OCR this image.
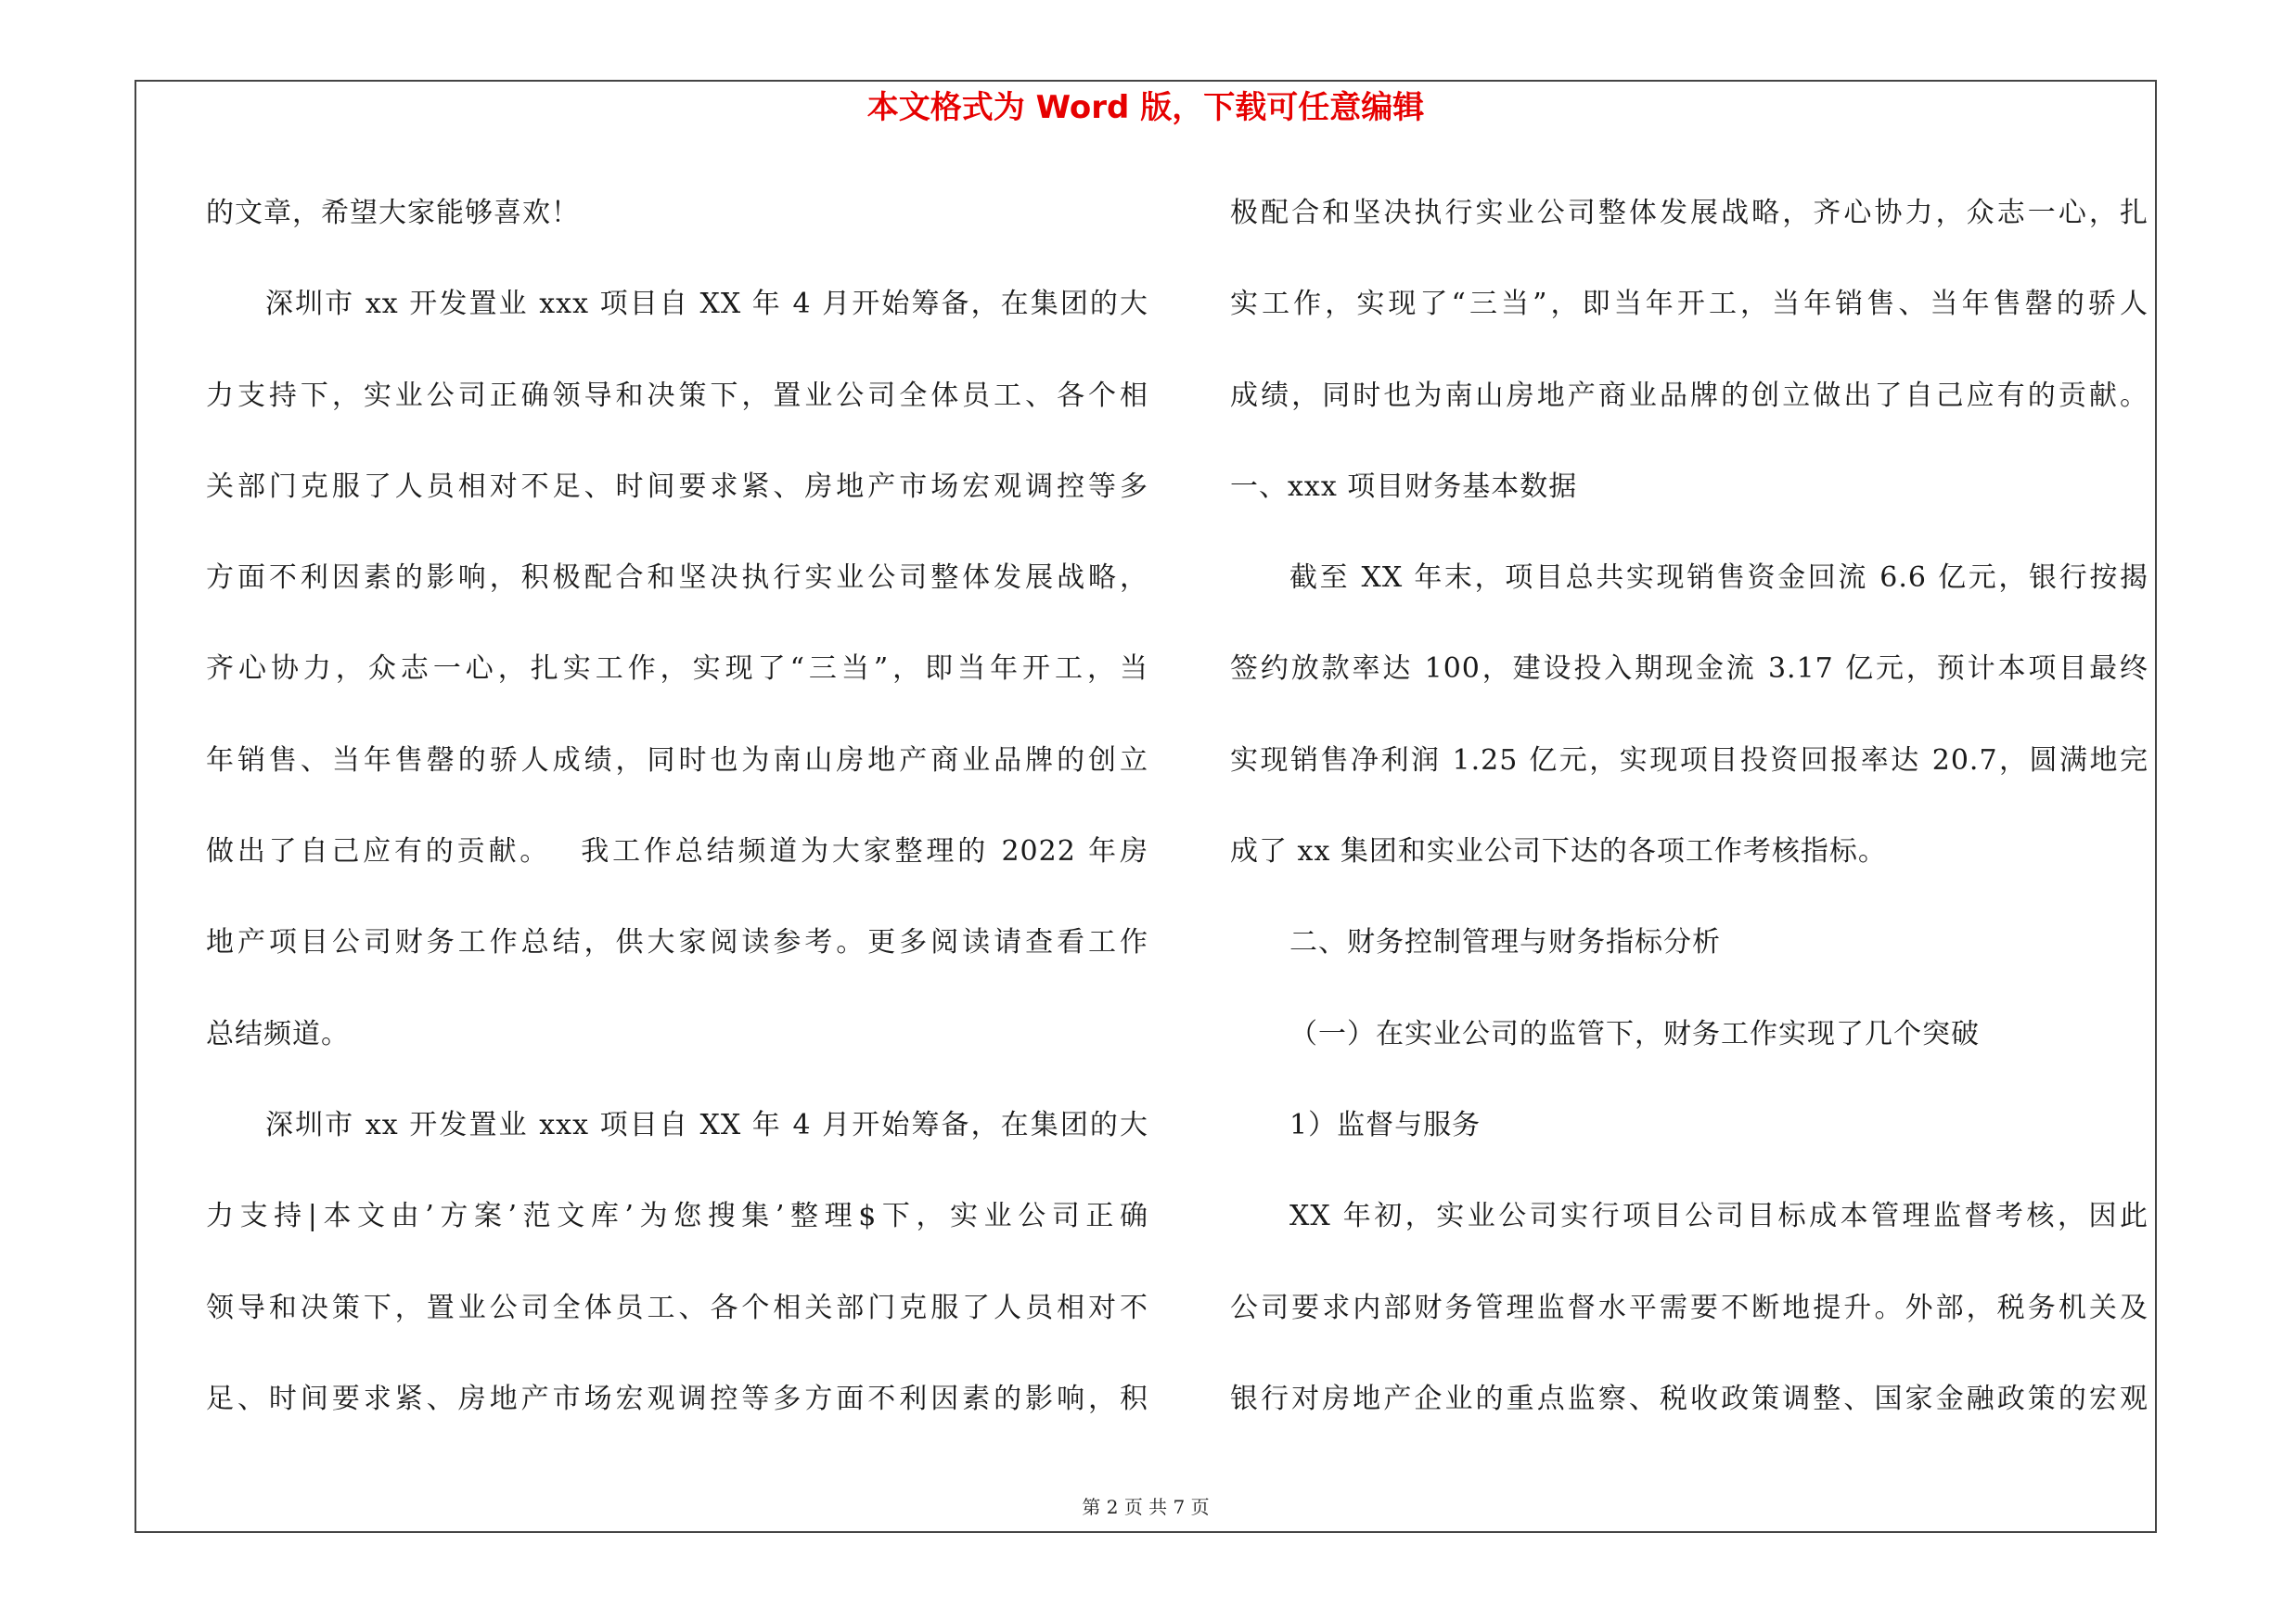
本文格式为 Word 版，下载可任意编辑
的文章，希望大家能够喜欢！
深圳市 xx 开发置业 xxx 项目自 XX 年 4 月开始筹备，在集团的大
力支持下，实业公司正确领导和决策下，置业公司全体员工、各个相
关部门克服了人员相对不足、时间要求紧、房地产市场宏观调控等多
方面不利因素的影响，积极配合和坚决执行实业公司整体发展战略，
齐心协力，众志一心，扎实工作，实现了“三当”，即当年开工，当
年销售、当年售罄的骄人成绩，同时也为南山房地产商业品牌的创立
做出了自己应有的贡献。　 我工作总结频道为大家整理的 2022 年房
地产项目公司财务工作总结，供大家阅读参考。更多阅读请查看工作
总结频道。
深圳市 xx 开发置业 xxx 项目自 XX 年 4 月开始筹备，在集团的大
力支持|本文由’方案’范文库’为您搜集’整理$下，实业公司正确
领导和决策下，置业公司全体员工、各个相关部门克服了人员相对不
足、时间要求紧、房地产市场宏观调控等多方面不利因素的影响，积
极配合和坚决执行实业公司整体发展战略，齐心协力，众志一心，扎
实工作，实现了“三当”，即当年开工，当年销售、当年售罄的骄人
成绩，同时也为南山房地产商业品牌的创立做出了自己应有的贡献。
一、xxx 项目财务基本数据
截至 XX 年末，项目总共实现销售资金回流 6.6 亿元，银行按揭
签约放款率达 100，建设投入期现金流 3.17 亿元，预计本项目最终
实现销售净利润 1.25 亿元，实现项目投资回报率达 20.7，圆满地完
成了 xx 集团和实业公司下达的各项工作考核指标。
二、财务控制管理与财务指标分析
（一）在实业公司的监管下，财务工作实现了几个突破
1）监督与服务
XX 年初，实业公司实行项目公司目标成本管理监督考核，因此
公司要求内部财务管理监督水平需要不断地提升。外部，税务机关及
银行对房地产企业的重点监察、税收政策调整、国家金融政策的宏观
第 2 页 共 7 页
